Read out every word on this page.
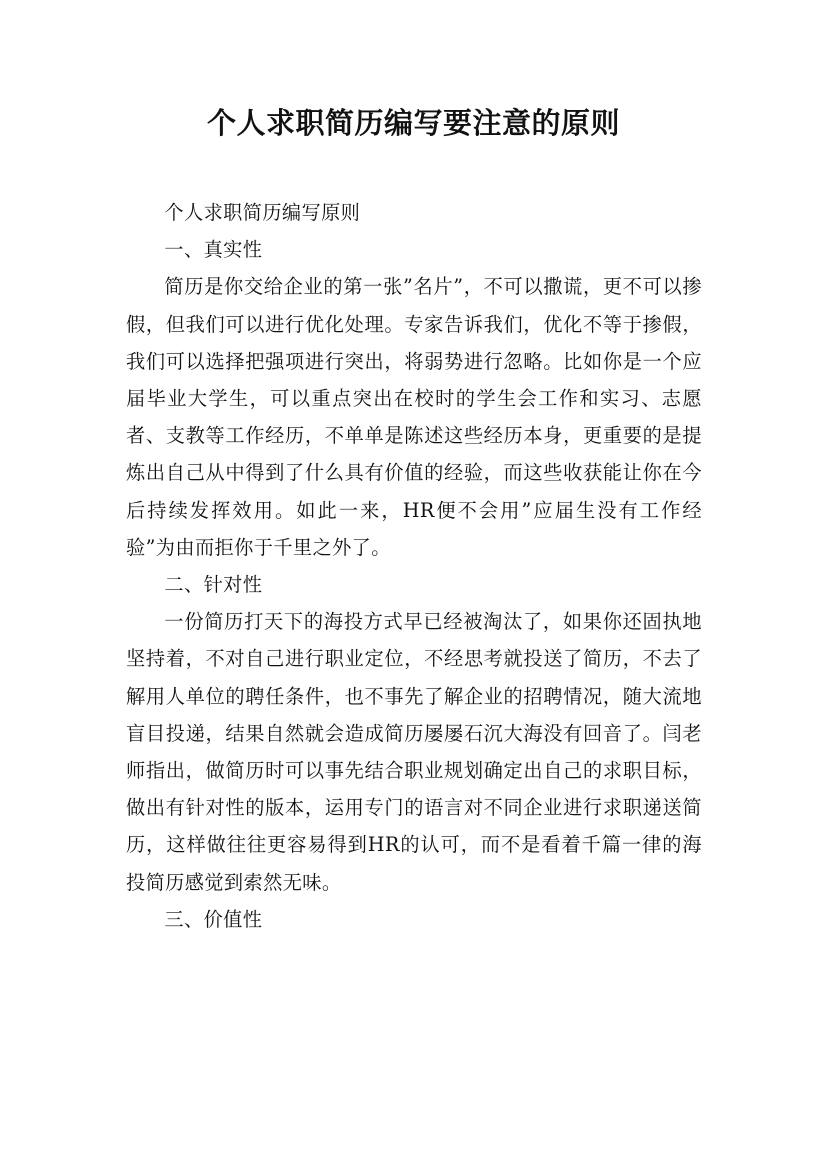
个人求职简历编写要注意的原则

个人求职简历编写原则

一、真实性

简历是你交给企业的第一张”名片”，不可以撒谎，更不可以掺假，但我们可以进行优化处理。专家告诉我们，优化不等于掺假，我们可以选择把强项进行突出，将弱势进行忽略。比如你是一个应届毕业大学生，可以重点突出在校时的学生会工作和实习、志愿者、支教等工作经历，不单单是陈述这些经历本身，更重要的是提炼出自己从中得到了什么具有价值的经验，而这些收获能让你在今后持续发挥效用。如此一来，HR便不会用”应届生没有工作经验”为由而拒你于千里之外了。

二、针对性

一份简历打天下的海投方式早已经被淘汰了，如果你还固执地坚持着，不对自己进行职业定位，不经思考就投送了简历，不去了解用人单位的聘任条件，也不事先了解企业的招聘情况，随大流地盲目投递，结果自然就会造成简历屡屡石沉大海没有回音了。闫老师指出，做简历时可以事先结合职业规划确定出自己的求职目标，做出有针对性的版本，运用专门的语言对不同企业进行求职递送简历，这样做往往更容易得到HR的认可，而不是看着千篇一律的海投简历感觉到索然无味。

三、价值性
